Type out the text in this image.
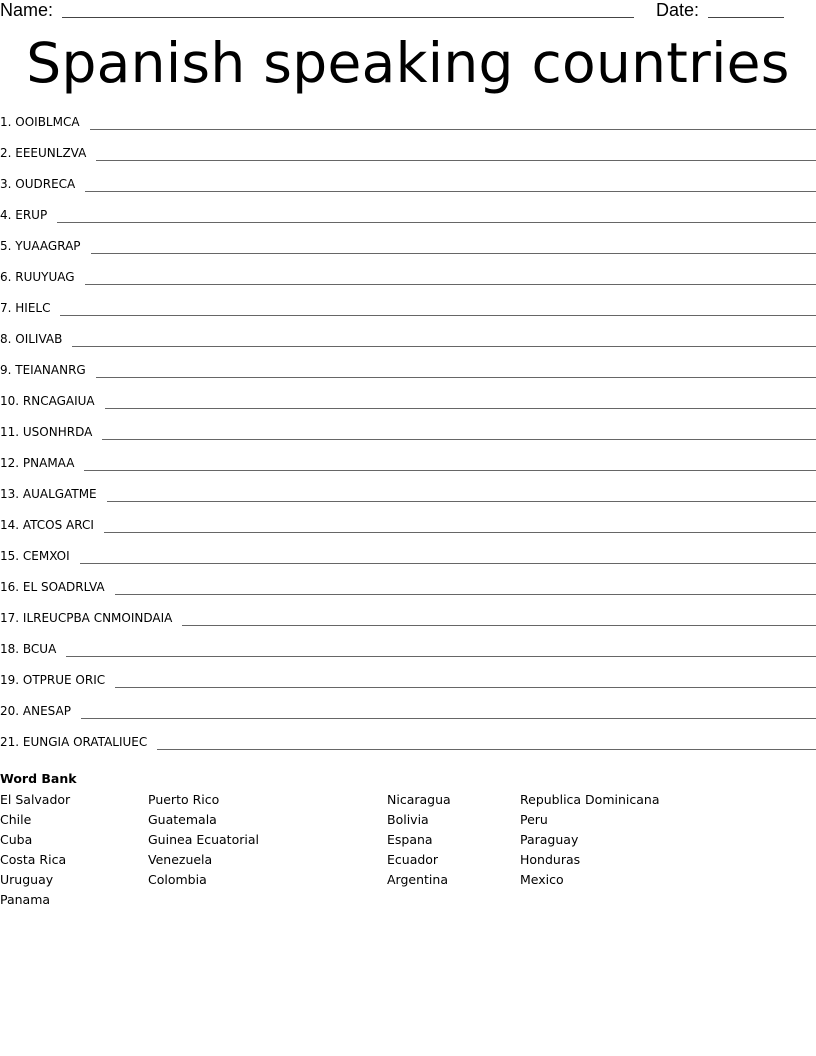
Name:	Date:
Spanish speaking countries
1. OOIBLMCA
2. EEEUNLZVA
3. OUDRECA
4. ERUP
5. YUAAGRAP
6. RUUYUAG
7. HIELC
8. OILIVAB
9. TEIANANRG
10. RNCAGAIUA
11. USONHRDA
12. PNAMAA
13. AUALGATME
14. ATCOS ARCI
15. CEMXOI
16. EL SOADRLVA
17. ILREUCPBA CNMOINDAIA
18. BCUA
19. OTPRUE ORIC
20. ANESAP
21. EUNGIA ORATALIUEC
Word Bank
El Salvador
Chile
Cuba
Costa Rica
Uruguay
Panama
Puerto Rico
Guatemala
Guinea Ecuatorial
Venezuela
Colombia
Nicaragua
Bolivia
Espana
Ecuador
Argentina
Republica Dominicana
Peru
Paraguay
Honduras
Mexico
